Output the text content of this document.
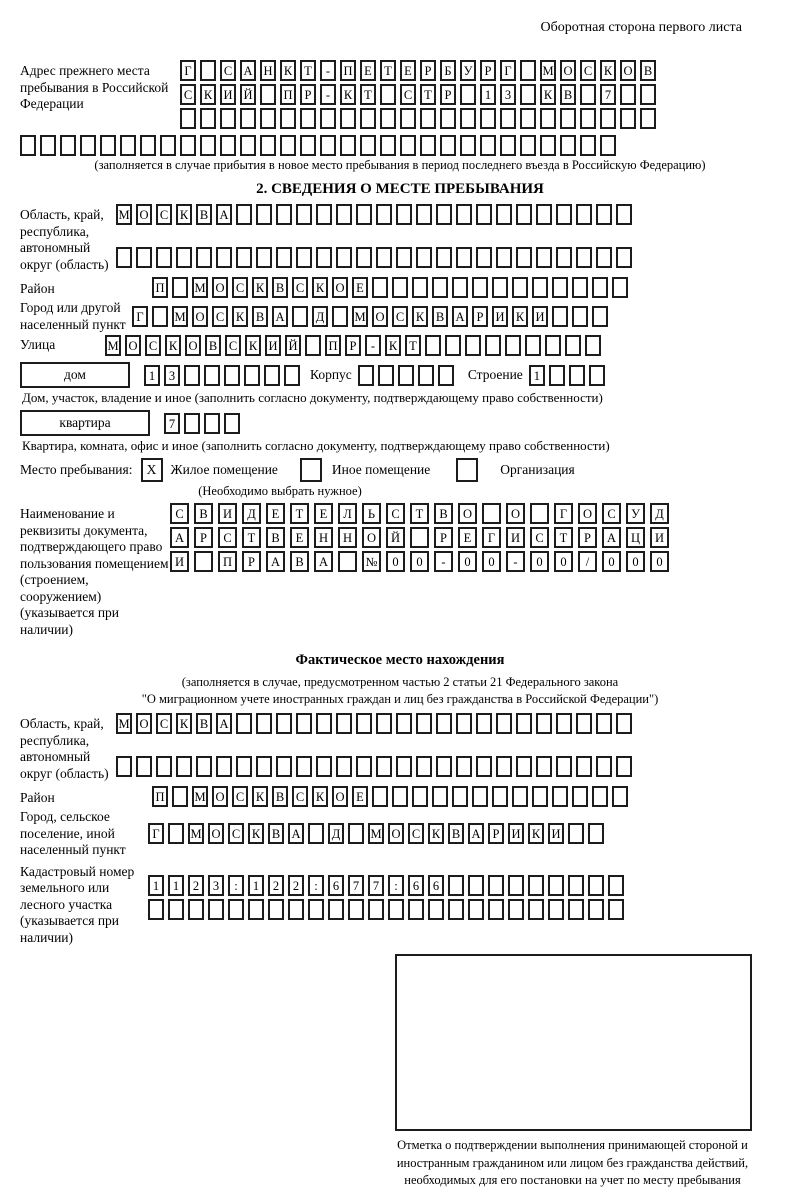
Оборотная сторона первого листа
Адрес прежнего места пребывания в Российской Федерации
Г	С А Н К Т	-	П Е Т Е	Р	Б У Р	Г	М О С К О В
С К И Й П Р	-	К Т	С Т	Р	1	3	К В	7
(заполняется в случае прибытия в новое место пребывания в период последнего въезда в Российскую Федерацию)
2. СВЕДЕНИЯ О МЕСТЕ ПРЕБЫВАНИЯ
Область, край, республика, автономный округ (область)
М О С К В А
Район	П М О С К В С К О Е
Город или другой населенный пункт Г	М О С К В А Д М О С К В А Р И К И
Улица	М О С К О В С К И Й П Р	-	К Т
дом	1	3	Корпус	Строение 1
Дом, участок, владение и иное (заполнить согласно документу, подтверждающему право собственности)
квартира	7
Квартира, комната, офис и иное (заполнить согласно документу, подтверждающему право собственности)
Место пребывания:	X	Жилое помещение	Иное помещение	Организация
(Необходимо выбрать нужное)
Наименование и реквизиты документа, подтверждающего право пользования помещением (строением, сооружением) (указывается при наличии)
С	В	И	Д	Е	Т	Е	Л	Ь	С	Т	В	О	О	Г	О	С	У	Д
А	Р	С	Т	В	Е	Н	Н	О	Й	Р	Е	Г	И	С	Т	Р	А	Ц	И
И	П	Р	А	В	А	№	0	0	-	0	0	-	0	0	/	0	0	0
Фактическое место нахождения
(заполняется в случае, предусмотренном частью 2 статьи 21 Федерального закона
"О миграционном учете иностранных граждан и лиц без гражданства в Российской Федерации")
Область, край, республика, автономный округ (область)
М О С К В А
Район	П М О С К В С К О Е
Город, сельское поселение, иной населенный пункт
Г	М О С К В А Д М О С К В А Р И К И
Кадастровый номер земельного или лесного участка (указывается при наличии)
1	1	2	3	:	1	2	2	:	6	7	7	:	6	6
Отметка о подтверждении выполнения принимающей стороной и иностранным гражданином или лицом без гражданства действий, необходимых для его постановки на учет по месту пребывания
